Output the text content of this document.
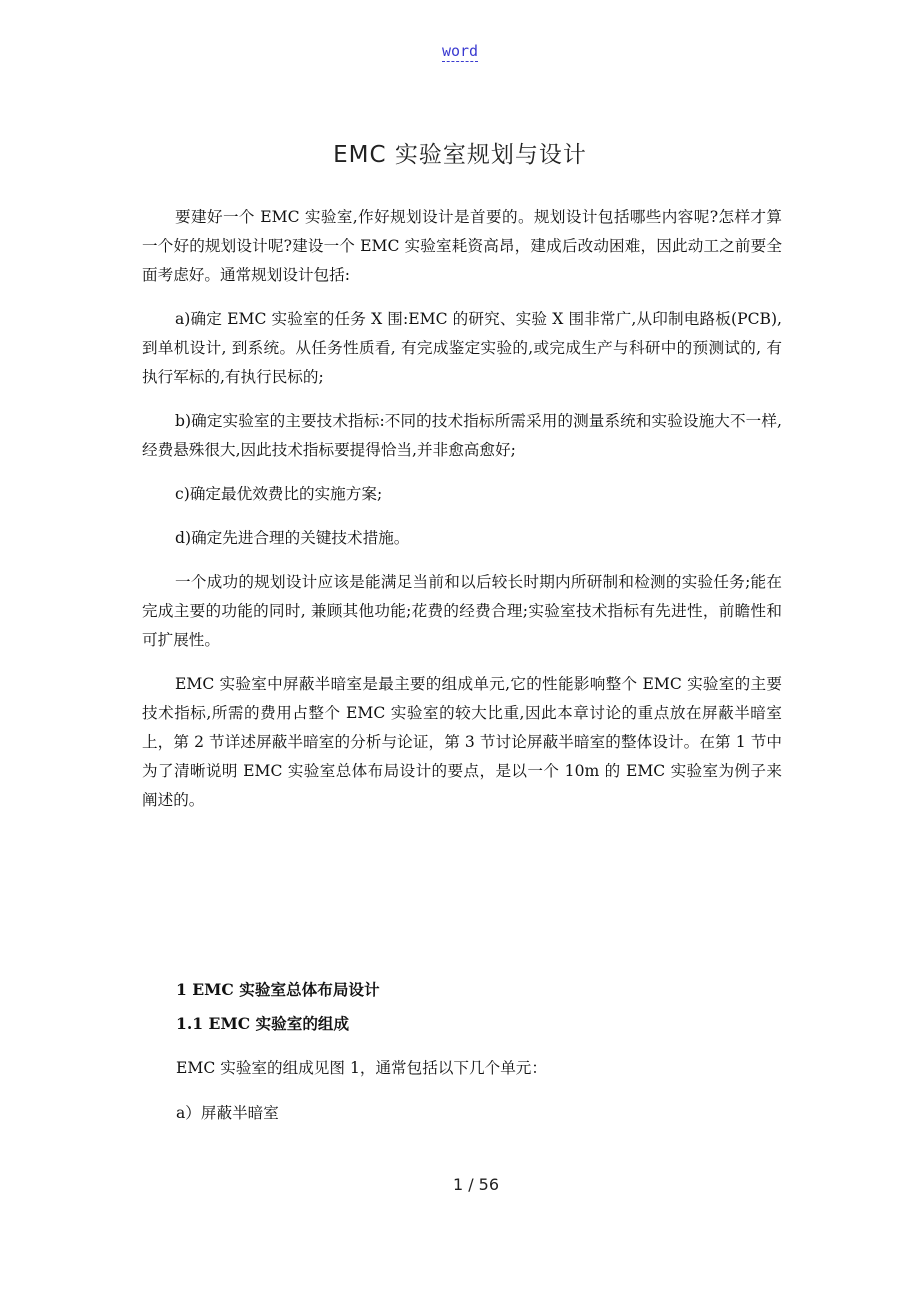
word
EMC 实验室规划与设计

要建好一个 EMC 实验室,作好规划设计是首要的。规划设计包括哪些内容呢?怎样才算一个好的规划设计呢?建设一个 EMC 实验室耗资高昂，建成后改动困难，因此动工之前要全面考虑好。通常规划设计包括:

a)确定 EMC 实验室的任务 X 围:EMC 的研究、实验 X 围非常广,从印制电路板(PCB), 到单机设计, 到系统。从任务性质看, 有完成鉴定实验的,或完成生产与科研中的预测试的, 有执行军标的,有执行民标的;

b)确定实验室的主要技术指标:不同的技术指标所需采用的测量系统和实验设施大不一样,经费悬殊很大,因此技术指标要提得恰当,并非愈高愈好;

c)确定最优效费比的实施方案;

d)确定先进合理的关键技术措施。

一个成功的规划设计应该是能满足当前和以后较长时期内所研制和检测的实验任务;能在完成主要的功能的同时, 兼顾其他功能;花费的经费合理;实验室技术指标有先进性，前瞻性和可扩展性。

EMC 实验室中屏蔽半暗室是最主要的组成单元,它的性能影响整个 EMC 实验室的主要技术指标,所需的费用占整个 EMC 实验室的较大比重,因此本章讨论的重点放在屏蔽半暗室上，第 2 节详述屏蔽半暗室的分析与论证，第 3 节讨论屏蔽半暗室的整体设计。在第 1 节中为了清晰说明 EMC 实验室总体布局设计的要点，是以一个 10m 的 EMC 实验室为例子来阐述的。

1 EMC 实验室总体布局设计
1.1 EMC 实验室的组成
EMC 实验室的组成见图 1，通常包括以下几个单元：
a）屏蔽半暗室
1 / 56
